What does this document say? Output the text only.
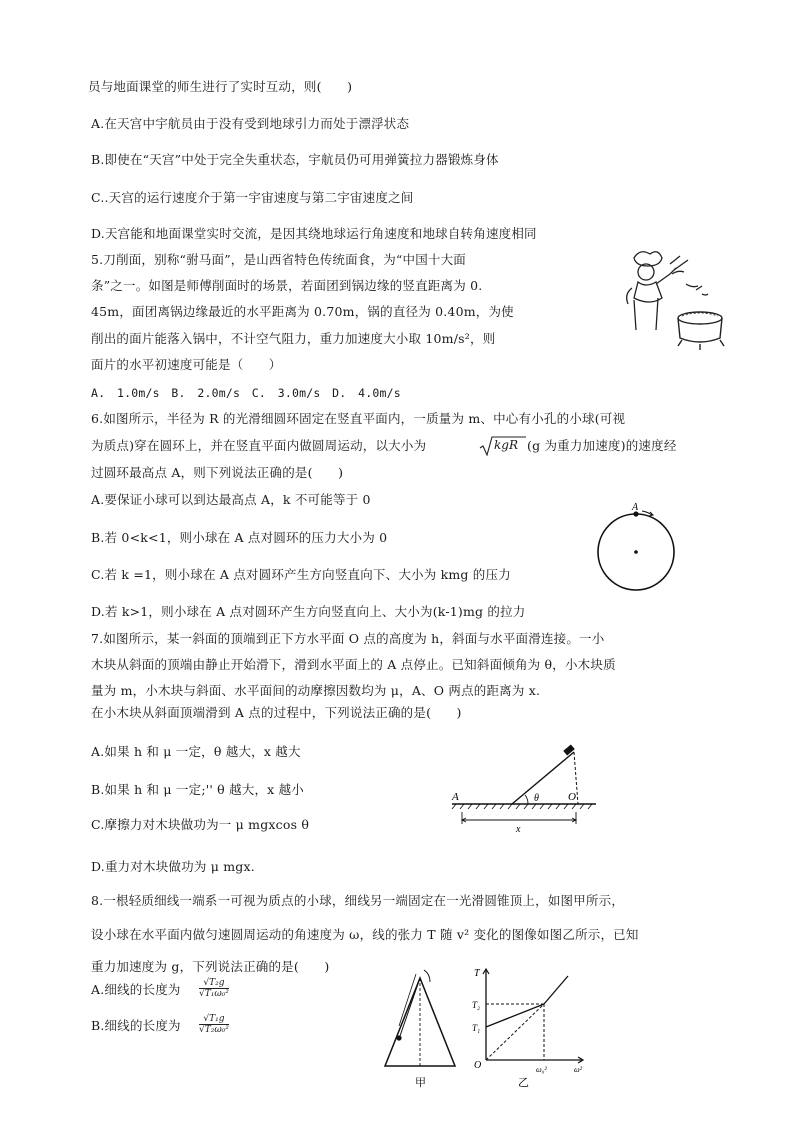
员与地面课堂的师生进行了实时互动，则(　　)
A.在天宫中宇航员由于没有受到地球引力而处于漂浮状态
B.即使在“天宫”中处于完全失重状态，宇航员仍可用弹簧拉力器锻炼身体
C..天宫的运行速度介于第一宇宙速度与第二宇宙速度之间
D.天宫能和地面课堂实时交流，是因其绕地球运行角速度和地球自转角速度相同
5.刀削面，别称“驸马面”，是山西省特色传统面食，为“中国十大面
条”之一。如图是师傅削面时的场景，若面团到锅边缘的竖直距离为 0.
45m，面团离锅边缘最近的水平距离为 0.70m，锅的直径为 0.40m，为使
削出的面片能落入锅中，不计空气阻力，重力加速度大小取 10m/s²，则
面片的水平初速度可能是（　　）
A.　1.0m/s　B.　2.0m/s　C.　3.0m/s　D.　4.0m/s
6.如图所示，半径为 R 的光滑细圆环固定在竖直平面内，一质量为 m、中心有小孔的小球(可视
为质点)穿在圆环上，并在竖直平面内做圆周运动，以大小为	kgR (g 为重力加速度)的速度经
过圆环最高点 A，则下列说法正确的是(　　)
A.要保证小球可以到达最高点 A，k 不可能等于 0
B.若 0<k<1，则小球在 A 点对圆环的压力大小为 0
C.若 k =1，则小球在 A 点对圆环产生方向竖直向下、大小为 kmg 的压力
D.若 k>1，则小球在 A 点对圆环产生方向竖直向上、大小为(k-1)mg 的拉力
A
7.如图所示，某一斜面的顶端到正下方水平面 O 点的高度为 h，斜面与水平面滑连接。一小
木块从斜面的顶端由静止开始滑下，滑到水平面上的 A 点停止。已知斜面倾角为 θ，小木块质
量为 m，小木块与斜面、水平面间的动摩擦因数均为 μ，A、O 两点的距离为 x.
在小木块从斜面顶端滑到 A 点的过程中，下列说法正确的是(　　)
A.如果 h 和 μ 一定，θ 越大，x 越大
B.如果 h 和 μ 一定;'' θ 越大，x 越小
C.摩擦力对木块做功为一 μ mgxcos θ
D.重力对木块做功为 μ mgx.
A	θ	O
x
8.一根轻质细线一端系一可视为质点的小球，细线另一端固定在一光滑圆锥顶上，如图甲所示，
设小球在水平面内做匀速圆周运动的角速度为 ω，线的张力 T 随 v² 变化的图像如图乙所示，已知
重力加速度为 g，下列说法正确的是(　　)
A.细线的长度为
B.细线的长度为
$\frac{\text{√T₂g}}{\text{√T₁ω₀²}}$
$\frac{\text{√T₁g}}{\text{√T₂ω₀²}}$
甲
T
T₂
T₁
O	ω₀²	ω²
乙
